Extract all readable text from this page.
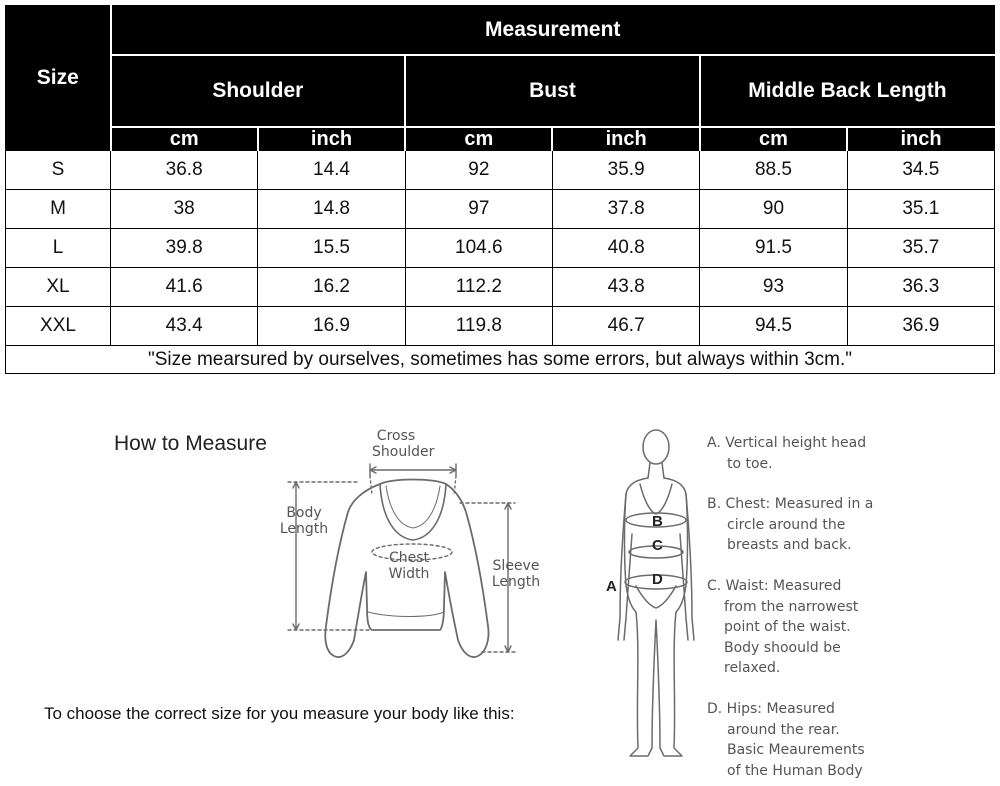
Size	Measurement					
	Shoulder		Bust		Middle Back Length	
	cm	inch	cm	inch	cm	inch
S	36.8	14.4	92	35.9	88.5	34.5
M	38	14.8	97	37.8	90	35.1
L	39.8	15.5	104.6	40.8	91.5	35.7
XL	41.6	16.2	112.2	43.8	93	36.3
XXL	43.4	16.9	119.8	46.7	94.5	36.9
"Size mearsured by ourselves, sometimes has some errors, but always within 3cm."						
How to Measure	Cross
Shoulder
Body
Length
Chest
Width	Sleeve
Length
To choose the correct size for you measure your body like this:
B
C
D
A
A. Vertical height head
to toe.
B. Chest: Measured in a
circle around the
breasts and back.
C. Waist: Measured
from the narrowest
point of the waist.
Body shoould be
relaxed.
D. Hips: Measured
around the rear.
Basic Meaurements
of the Human Body
